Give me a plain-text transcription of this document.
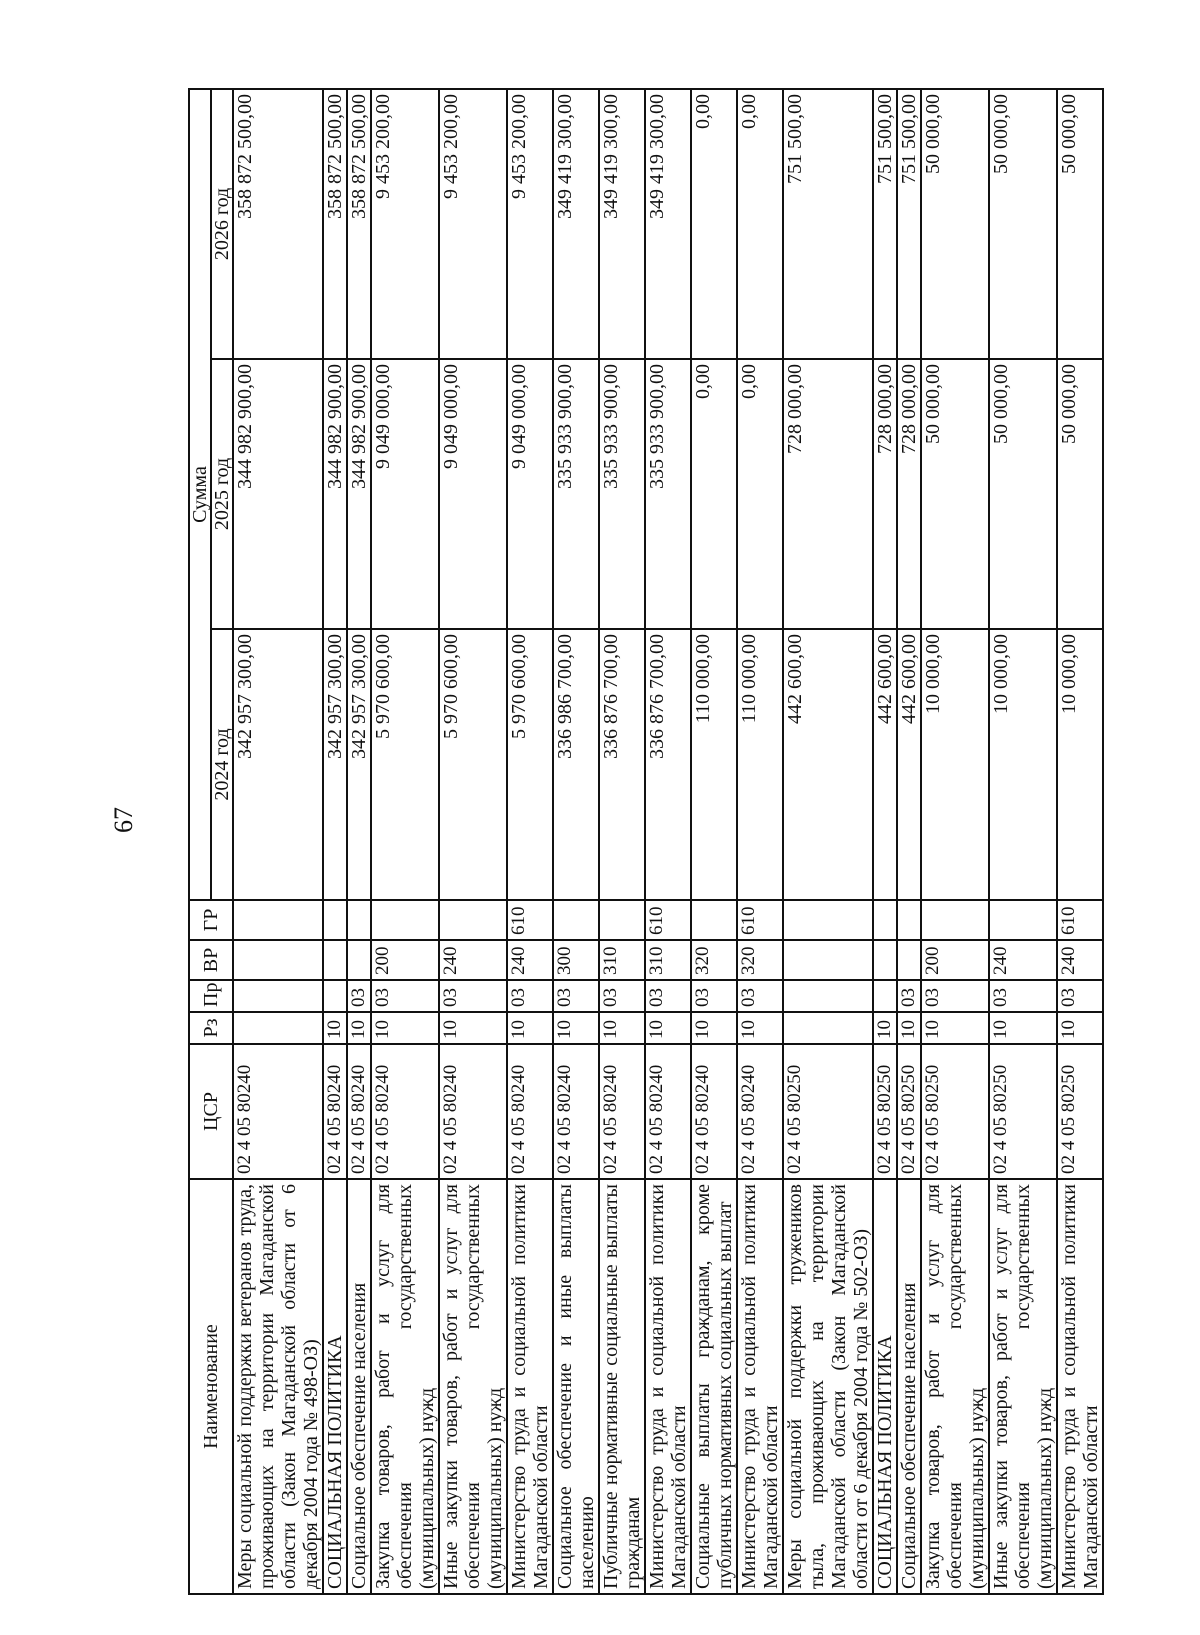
67
Наименование	ЦСР	Рз	Пр	ВР	ГР	Сумма		
						2024 год	2025 год	2026 год
Меры социальной поддержки ветеранов труда, проживающих на территории Магаданской области (Закон Магаданской области от 6 декабря 2004 года № 498-ОЗ)	02 4 05 80240					342 957 300,00	344 982 900,00	358 872 500,00
СОЦИАЛЬНАЯ ПОЛИТИКА	02 4 05 80240	10				342 957 300,00	344 982 900,00	358 872 500,00
Социальное обеспечение населения	02 4 05 80240	10	03			342 957 300,00	344 982 900,00	358 872 500,00
Закупка товаров, работ и услуг для обеспечения государственных (муниципальных) нужд	02 4 05 80240	10	03	200		5 970 600,00	9 049 000,00	9 453 200,00
Иные закупки товаров, работ и услуг для обеспечения государственных (муниципальных) нужд	02 4 05 80240	10	03	240		5 970 600,00	9 049 000,00	9 453 200,00
Министерство труда и социальной политики Магаданской области	02 4 05 80240	10	03	240	610	5 970 600,00	9 049 000,00	9 453 200,00
Социальное обеспечение и иные выплаты населению	02 4 05 80240	10	03	300		336 986 700,00	335 933 900,00	349 419 300,00
Публичные нормативные социальные выплаты гражданам	02 4 05 80240	10	03	310		336 876 700,00	335 933 900,00	349 419 300,00
Министерство труда и социальной политики Магаданской области	02 4 05 80240	10	03	310	610	336 876 700,00	335 933 900,00	349 419 300,00
Социальные выплаты гражданам, кроме публичных нормативных социальных выплат	02 4 05 80240	10	03	320		110 000,00	0,00	0,00
Министерство труда и социальной политики Магаданской области	02 4 05 80240	10	03	320	610	110 000,00	0,00	0,00
Меры социальной поддержки тружеников тыла, проживающих на территории Магаданской области (Закон Магаданской области от 6 декабря 2004 года № 502-ОЗ)	02 4 05 80250					442 600,00	728 000,00	751 500,00
СОЦИАЛЬНАЯ ПОЛИТИКА	02 4 05 80250	10				442 600,00	728 000,00	751 500,00
Социальное обеспечение населения	02 4 05 80250	10	03			442 600,00	728 000,00	751 500,00
Закупка товаров, работ и услуг для обеспечения государственных (муниципальных) нужд	02 4 05 80250	10	03	200		10 000,00	50 000,00	50 000,00
Иные закупки товаров, работ и услуг для обеспечения государственных (муниципальных) нужд	02 4 05 80250	10	03	240		10 000,00	50 000,00	50 000,00
Министерство труда и социальной политики Магаданской области	02 4 05 80250	10	03	240	610	10 000,00	50 000,00	50 000,00
